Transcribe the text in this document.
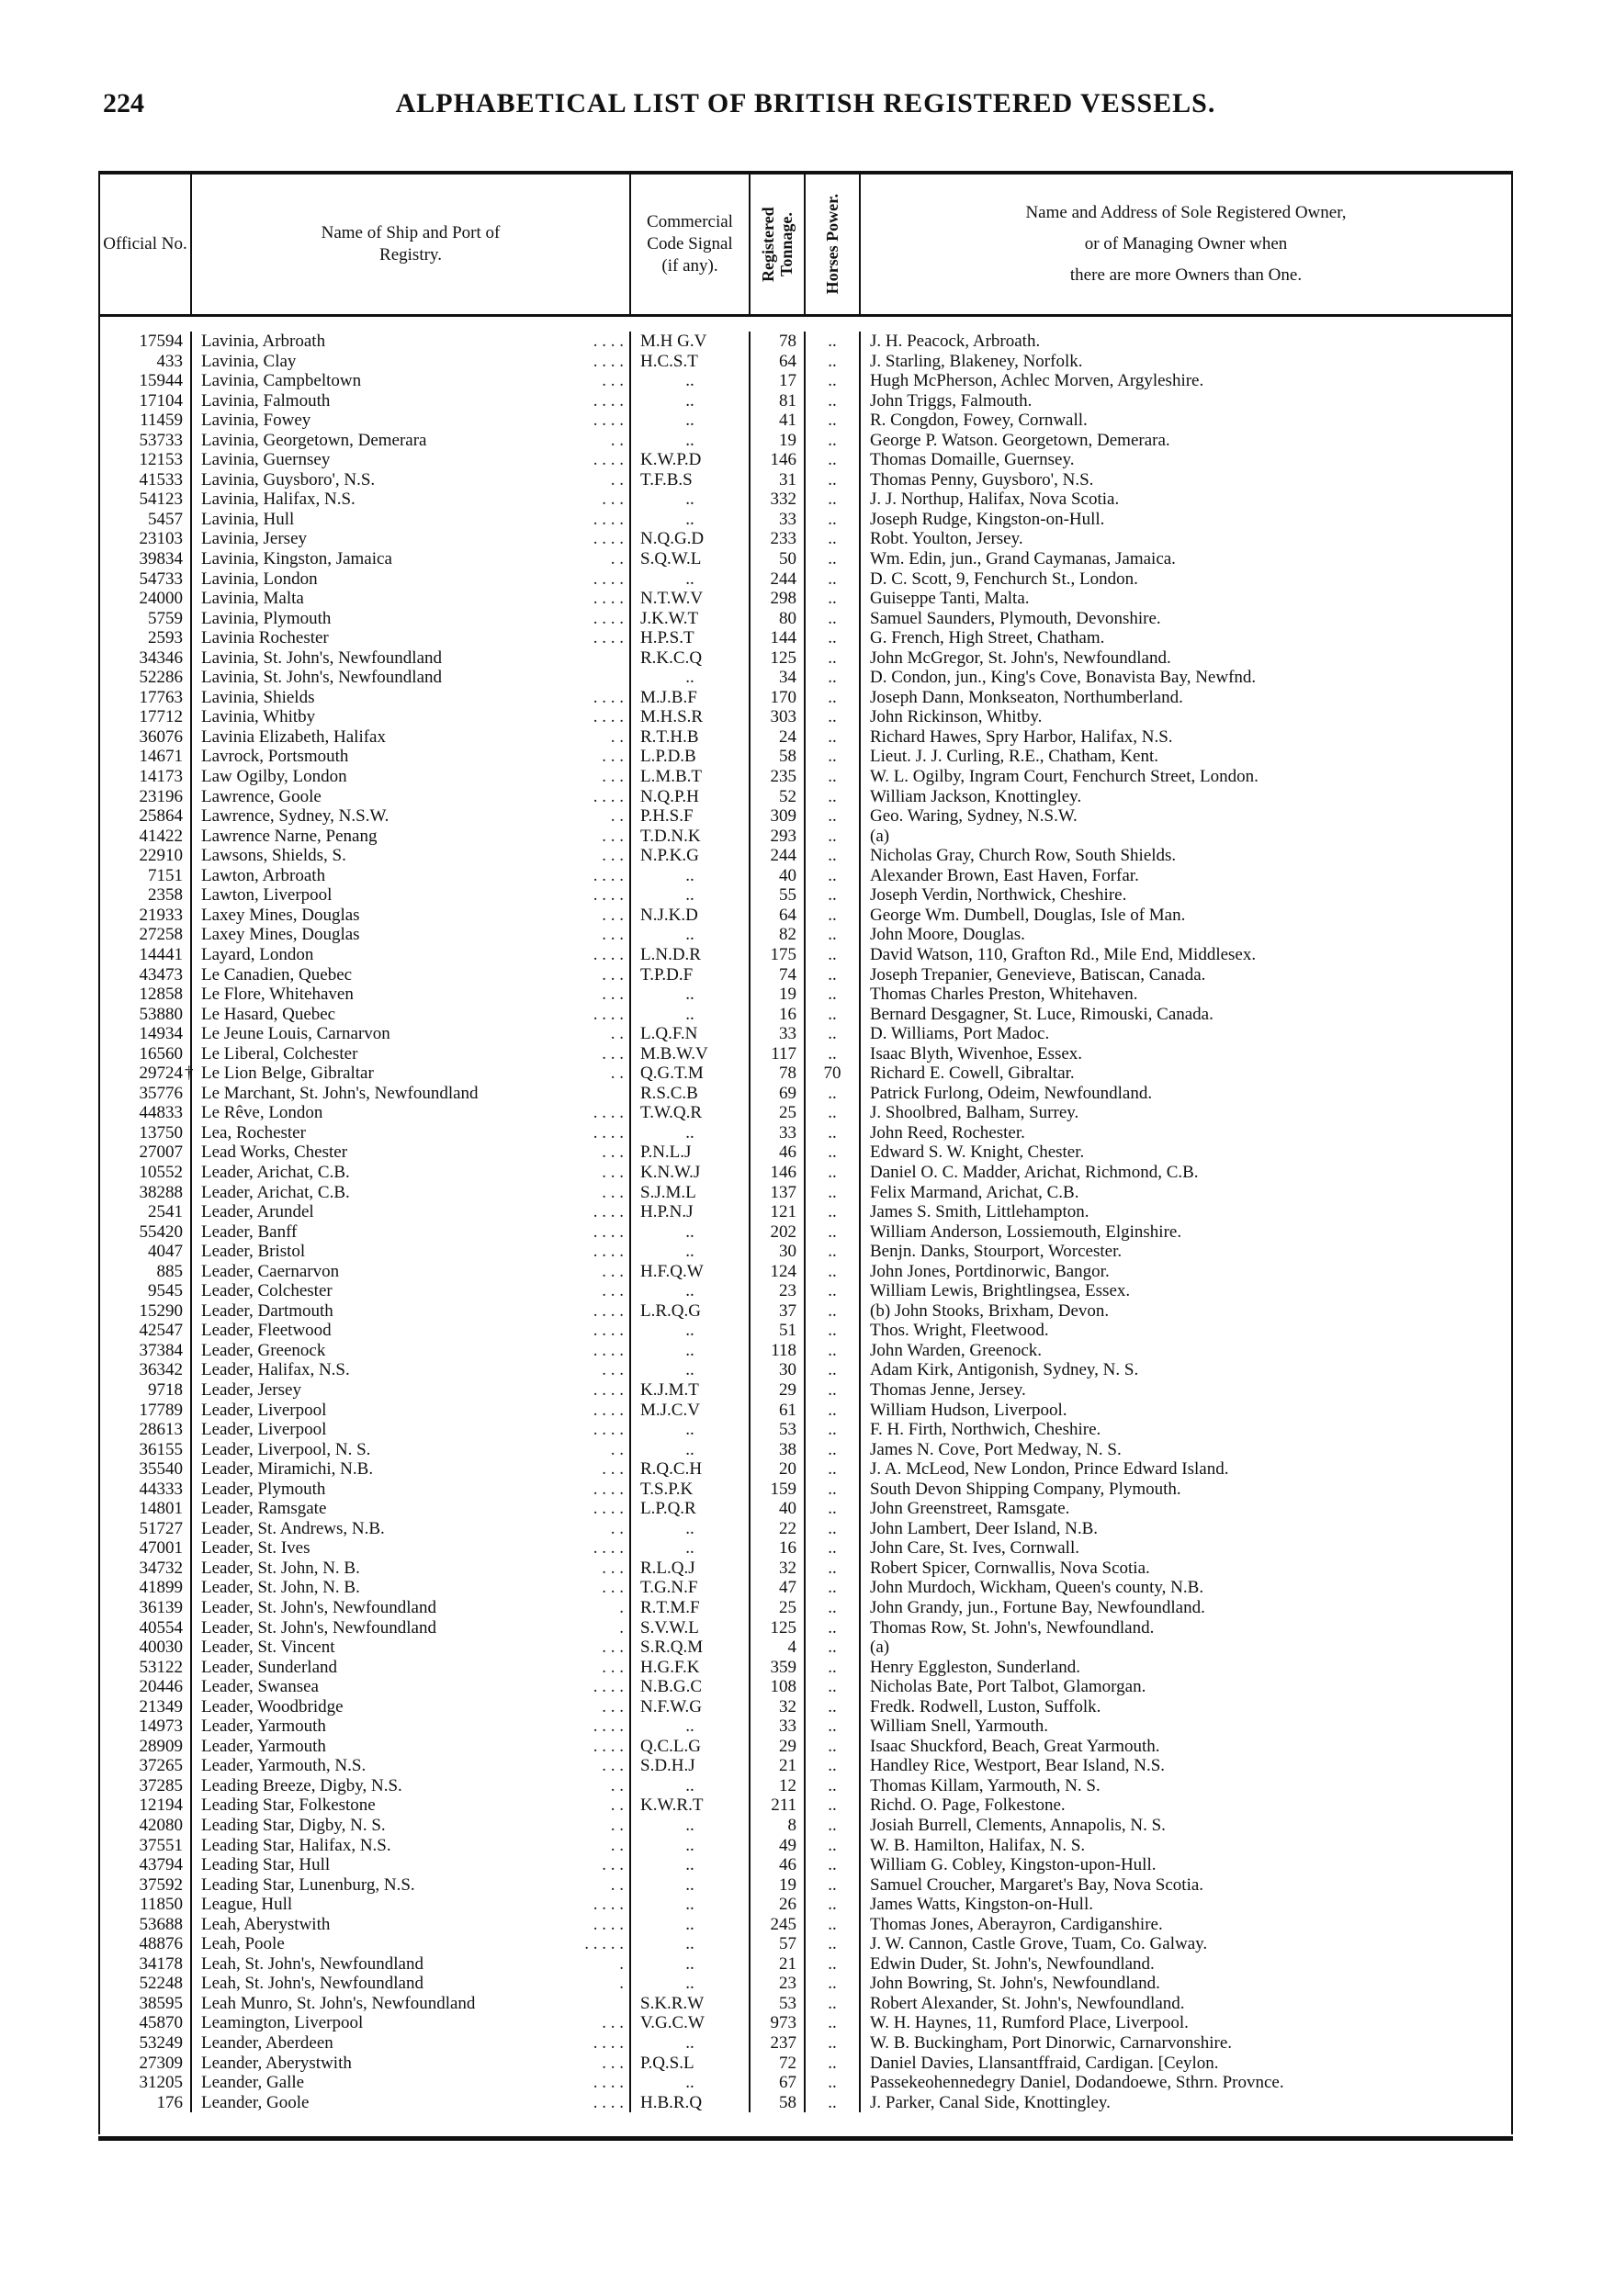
224	ALPHABETICAL LIST OF BRITISH REGISTERED VESSELS.
Official No.
Name of Ship and Port of Registry.
Commercial Code Signal (if any).	Registered Tonnage. Horses Power.	Name and Address of Sole Registered Owner,
or of Managing Owner when
there are more Owners than One.
17594	Lavinia, Arbroath	. . . . M.H G.V	78	..	J. H. Peacock, Arbroath.
433	Lavinia, Clay	. . . . H.C.S.T	64	..	J. Starling, Blakeney, Norfolk.
15944	Lavinia, Campbeltown	. . .	..	17	..	Hugh McPherson, Achlec Morven, Argyleshire.
17104	Lavinia, Falmouth	. . . .	..	81	..	John Triggs, Falmouth.
11459	Lavinia, Fowey	. . . .	..	41	..	R. Congdon, Fowey, Cornwall.
53733	Lavinia, Georgetown, Demerara	. .	..	19	..	George P. Watson. Georgetown, Demerara.
12153	Lavinia, Guernsey	. . . . K.W.P.D	146	..	Thomas Domaille, Guernsey.
41533	Lavinia, Guysboro', N.S.	. . T.F.B.S	31	..	Thomas Penny, Guysboro', N.S.
54123	Lavinia, Halifax, N.S.	. . .	..	332	..	J. J. Northup, Halifax, Nova Scotia.
5457	Lavinia, Hull	. . . .	..	33	..	Joseph Rudge, Kingston-on-Hull.
23103	Lavinia, Jersey	. . . . N.Q.G.D	233	..	Robt. Youlton, Jersey.
39834	Lavinia, Kingston, Jamaica	. . S.Q.W.L	50	..	Wm. Edin, jun., Grand Caymanas, Jamaica.
54733	Lavinia, London	. . . .	..	244	..	D. C. Scott, 9, Fenchurch St., London.
24000	Lavinia, Malta	. . . . N.T.W.V	298	..	Guiseppe Tanti, Malta.
5759	Lavinia, Plymouth	. . . . J.K.W.T	80	..	Samuel Saunders, Plymouth, Devonshire.
2593	Lavinia Rochester	. . . . H.P.S.T	144	..	G. French, High Street, Chatham.
34346	Lavinia, St. John's, Newfoundland	R.K.C.Q	125	..	John McGregor, St. John's, Newfoundland.
52286	Lavinia, St. John's, Newfoundland	..	34	..	D. Condon, jun., King's Cove, Bonavista Bay, Newfnd.
17763	Lavinia, Shields	. . . . M.J.B.F	170	..	Joseph Dann, Monkseaton, Northumberland.
17712	Lavinia, Whitby	. . . . M.H.S.R	303	..	John Rickinson, Whitby.
36076	Lavinia Elizabeth, Halifax	. . R.T.H.B	24	..	Richard Hawes, Spry Harbor, Halifax, N.S.
14671	Lavrock, Portsmouth	. . . L.P.D.B	58	..	Lieut. J. J. Curling, R.E., Chatham, Kent.
14173	Law Ogilby, London	. . . L.M.B.T	235	..	W. L. Ogilby, Ingram Court, Fenchurch Street, London.
23196	Lawrence, Goole	. . . . N.Q.P.H	52	..	William Jackson, Knottingley.
25864	Lawrence, Sydney, N.S.W.	. . P.H.S.F	309	..	Geo. Waring, Sydney, N.S.W.
41422	Lawrence Narne, Penang	. . . T.D.N.K	293	..	(a)
22910	Lawsons, Shields, S.	. . . N.P.K.G	244	..	Nicholas Gray, Church Row, South Shields.
7151	Lawton, Arbroath	. . . .	..	40	..	Alexander Brown, East Haven, Forfar.
2358	Lawton, Liverpool	. . . .	..	55	..	Joseph Verdin, Northwick, Cheshire.
21933	Laxey Mines, Douglas	. . . N.J.K.D	64	..	George Wm. Dumbell, Douglas, Isle of Man.
27258	Laxey Mines, Douglas	. . .	..	82	..	John Moore, Douglas.
14441	Layard, London	. . . . L.N.D.R	175	..	David Watson, 110, Grafton Rd., Mile End, Middlesex.
43473	Le Canadien, Quebec	. . . T.P.D.F	74	..	Joseph Trepanier, Genevieve, Batiscan, Canada.
12858	Le Flore, Whitehaven	. . .	..	19	..	Thomas Charles Preston, Whitehaven.
53880	Le Hasard, Quebec	. . . .	..	16	..	Bernard Desgagner, St. Luce, Rimouski, Canada.
14934	Le Jeune Louis, Carnarvon	. . L.Q.F.N	33	..	D. Williams, Port Madoc.
16560	Le Liberal, Colchester	. . . M.B.W.V	117	..	Isaac Blyth, Wivenhoe, Essex.
29724 † Le Lion Belge, Gibraltar	. . Q.G.T.M	78	70	Richard E. Cowell, Gibraltar.
35776	Le Marchant, St. John's, Newfoundland	R.S.C.B	69	..	Patrick Furlong, Odeim, Newfoundland.
44833	Le Rêve, London	. . . . T.W.Q.R	25	..	J. Shoolbred, Balham, Surrey.
13750	Lea, Rochester	. . . .	..	33	..	John Reed, Rochester.
27007	Lead Works, Chester	. . . P.N.L.J	46	..	Edward S. W. Knight, Chester.
10552	Leader, Arichat, C.B.	. . . K.N.W.J	146	..	Daniel O. C. Madder, Arichat, Richmond, C.B.
38288	Leader, Arichat, C.B.	. . . S.J.M.L	137	..	Felix Marmand, Arichat, C.B.
2541	Leader, Arundel	. . . . H.P.N.J	121	..	James S. Smith, Littlehampton.
55420	Leader, Banff	. . . .	..	202	..	William Anderson, Lossiemouth, Elginshire.
4047	Leader, Bristol	. . . .	..	30	..	Benjn. Danks, Stourport, Worcester.
885	Leader, Caernarvon	. . . H.F.Q.W	124	..	John Jones, Portdinorwic, Bangor.
9545	Leader, Colchester	. . .	..	23	..	William Lewis, Brightlingsea, Essex.
15290	Leader, Dartmouth	. . . . L.R.Q.G	37	..	(b) John Stooks, Brixham, Devon.
42547	Leader, Fleetwood	. . . .	..	51	..	Thos. Wright, Fleetwood.
37384	Leader, Greenock	. . . .	..	118	..	John Warden, Greenock.
36342	Leader, Halifax, N.S.	. . .	..	30	..	Adam Kirk, Antigonish, Sydney, N. S.
9718	Leader, Jersey	. . . . K.J.M.T	29	..	Thomas Jenne, Jersey.
17789	Leader, Liverpool	. . . . M.J.C.V	61	..	William Hudson, Liverpool.
28613	Leader, Liverpool	. . . .	..	53	..	F. H. Firth, Northwich, Cheshire.
36155	Leader, Liverpool, N. S.	. .	..	38	..	James N. Cove, Port Medway, N. S.
35540	Leader, Miramichi, N.B.	. . . R.Q.C.H	20	..	J. A. McLeod, New London, Prince Edward Island.
44333	Leader, Plymouth	. . . . T.S.P.K	159	..	South Devon Shipping Company, Plymouth.
14801	Leader, Ramsgate	. . . . L.P.Q.R	40	..	John Greenstreet, Ramsgate.
51727	Leader, St. Andrews, N.B.	. .	..	22	..	John Lambert, Deer Island, N.B.
47001	Leader, St. Ives	. . . .	..	16	..	John Care, St. Ives, Cornwall.
34732	Leader, St. John, N. B.	. . . R.L.Q.J	32	..	Robert Spicer, Cornwallis, Nova Scotia.
41899	Leader, St. John, N. B.	. . . T.G.N.F	47	..	John Murdoch, Wickham, Queen's county, N.B.
36139	Leader, St. John's, Newfoundland	. R.T.M.F	25	..	John Grandy, jun., Fortune Bay, Newfoundland.
40554	Leader, St. John's, Newfoundland	. S.V.W.L	125	..	Thomas Row, St. John's, Newfoundland.
40030	Leader, St. Vincent	. . . S.R.Q.M	4	..	(a)
53122	Leader, Sunderland	. . . H.G.F.K	359	..	Henry Eggleston, Sunderland.
20446	Leader, Swansea	. . . . N.B.G.C	108	..	Nicholas Bate, Port Talbot, Glamorgan.
21349	Leader, Woodbridge	. . . N.F.W.G	32	..	Fredk. Rodwell, Luston, Suffolk.
14973	Leader, Yarmouth	. . . .	..	33	..	William Snell, Yarmouth.
28909	Leader, Yarmouth	. . . . Q.C.L.G	29	..	Isaac Shuckford, Beach, Great Yarmouth.
37265	Leader, Yarmouth, N.S.	. . . S.D.H.J	21	..	Handley Rice, Westport, Bear Island, N.S.
37285	Leading Breeze, Digby, N.S.	. .	..	12	..	Thomas Killam, Yarmouth, N. S.
12194	Leading Star, Folkestone	. . K.W.R.T	211	..	Richd. O. Page, Folkestone.
42080	Leading Star, Digby, N. S.	. .	..	8	..	Josiah Burrell, Clements, Annapolis, N. S.
37551	Leading Star, Halifax, N.S.	. .	..	49	..	W. B. Hamilton, Halifax, N. S.
43794	Leading Star, Hull	. . .	..	46	..	William G. Cobley, Kingston-upon-Hull.
37592	Leading Star, Lunenburg, N.S.	. .	..	19	..	Samuel Croucher, Margaret's Bay, Nova Scotia.
11850	League, Hull	. . . .	..	26	..	James Watts, Kingston-on-Hull.
53688	Leah, Aberystwith	. . . .	..	245	..	Thomas Jones, Aberayron, Cardiganshire.
48876	Leah, Poole	. . . . .	..	57	..	J. W. Cannon, Castle Grove, Tuam, Co. Galway.
34178	Leah, St. John's, Newfoundland	.	..	21	..	Edwin Duder, St. John's, Newfoundland.
52248	Leah, St. John's, Newfoundland	.	..	23	..	John Bowring, St. John's, Newfoundland.
38595	Leah Munro, St. John's, Newfoundland	S.K.R.W	53	..	Robert Alexander, St. John's, Newfoundland.
45870	Leamington, Liverpool	. . . V.G.C.W	973	..	W. H. Haynes, 11, Rumford Place, Liverpool.
53249	Leander, Aberdeen	. . . .	..	237	..	W. B. Buckingham, Port Dinorwic, Carnarvonshire.
27309	Leander, Aberystwith	. . . P.Q.S.L	72	..	Daniel Davies, Llansantffraid, Cardigan. [Ceylon.
31205	Leander, Galle	. . . .	..	67	..	Passekeohennedegry Daniel, Dodandoewe, Sthrn. Provnce.
176	Leander, Goole	. . . . H.B.R.Q	58	..	J. Parker, Canal Side, Knottingley.
